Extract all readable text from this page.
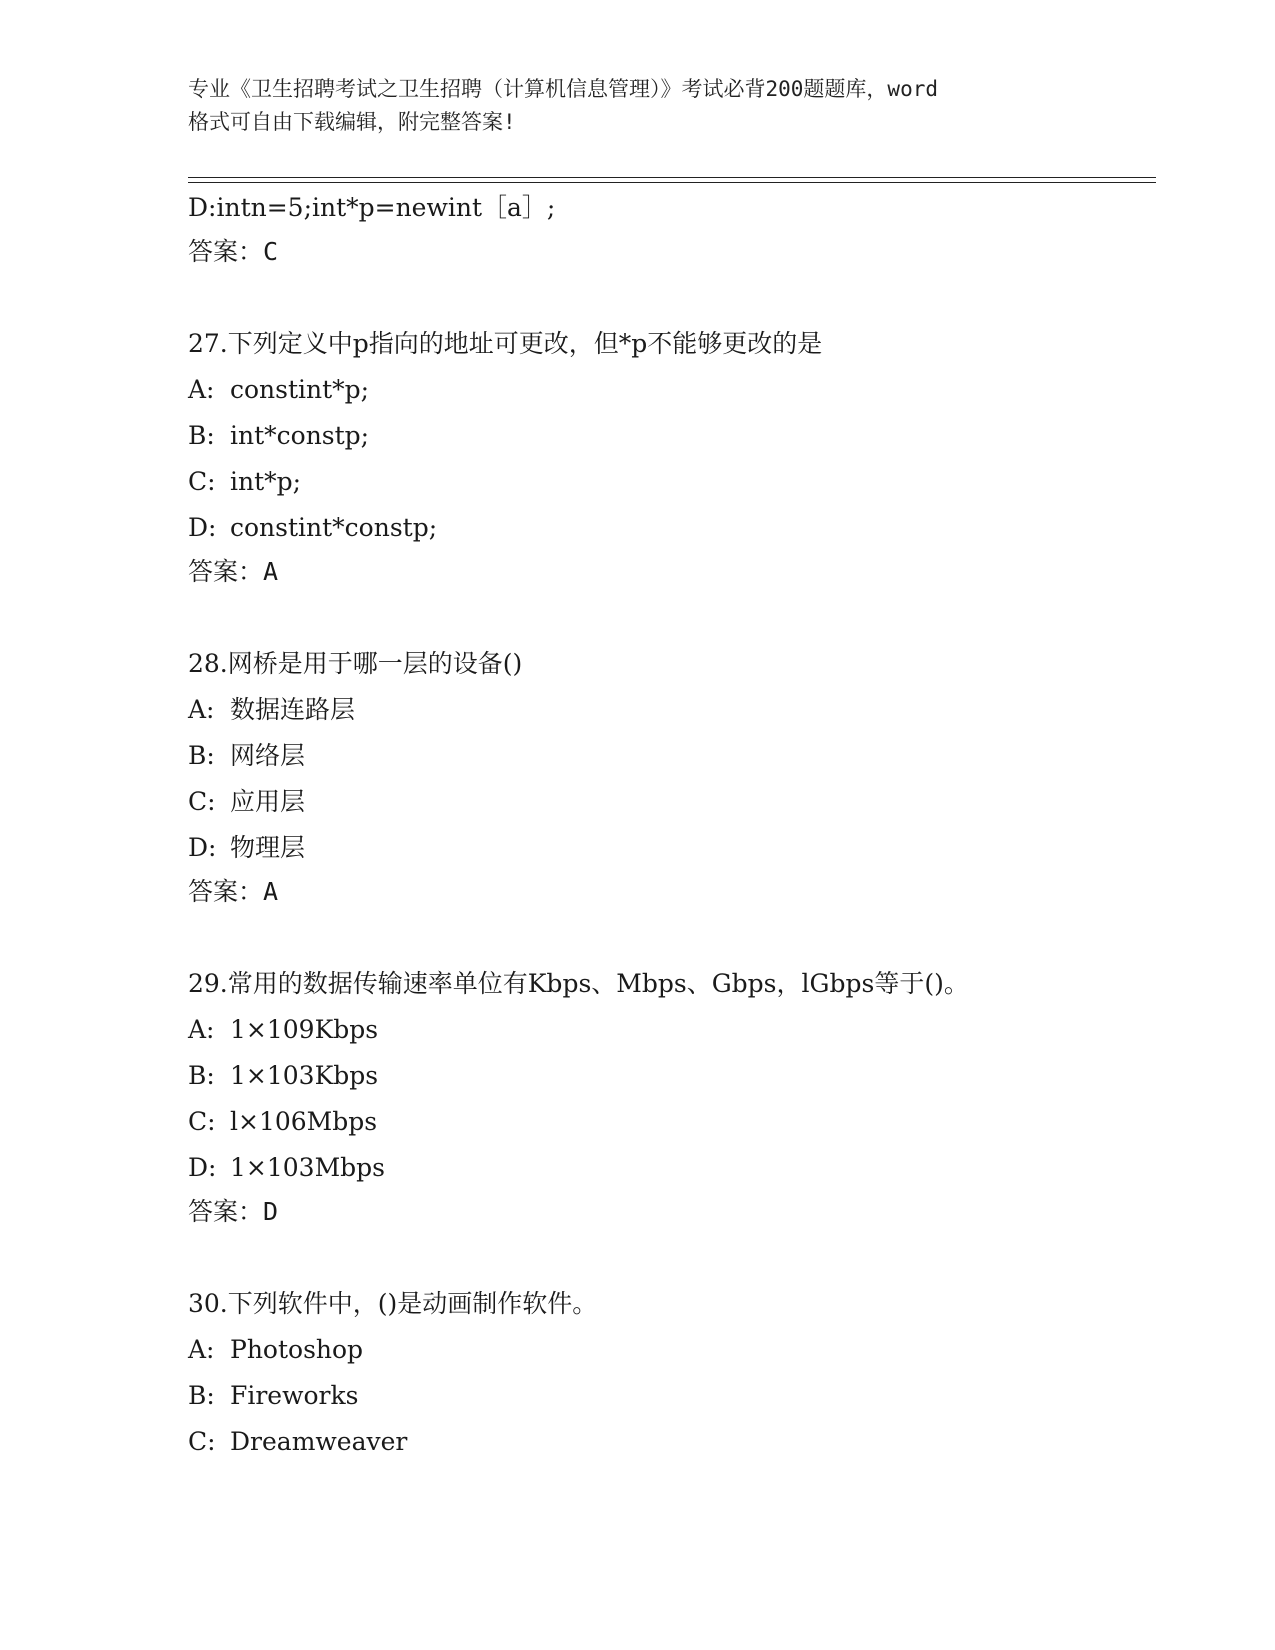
专业《卫生招聘考试之卫生招聘（计算机信息管理）》考试必背200题题库，word
格式可自由下载编辑，附完整答案!
D:intn=5;int*p=newint［a］;
答案：C
27.下列定义中p指向的地址可更改，但*p不能够更改的是
A: constint*p;
B: int*constp;
C: int*p;
D: constint*constp;
答案：A
28.网桥是用于哪一层的设备()
A: 数据连路层
B: 网络层
C: 应用层
D: 物理层
答案：A
29.常用的数据传输速率单位有Kbps、Mbps、Gbps，lGbps等于()。
A: 1×109Kbps
B: 1×103Kbps
C: l×106Mbps
D: 1×103Mbps
答案：D
30.下列软件中，()是动画制作软件。
A: Photoshop
B: Fireworks
C: Dreamweaver
